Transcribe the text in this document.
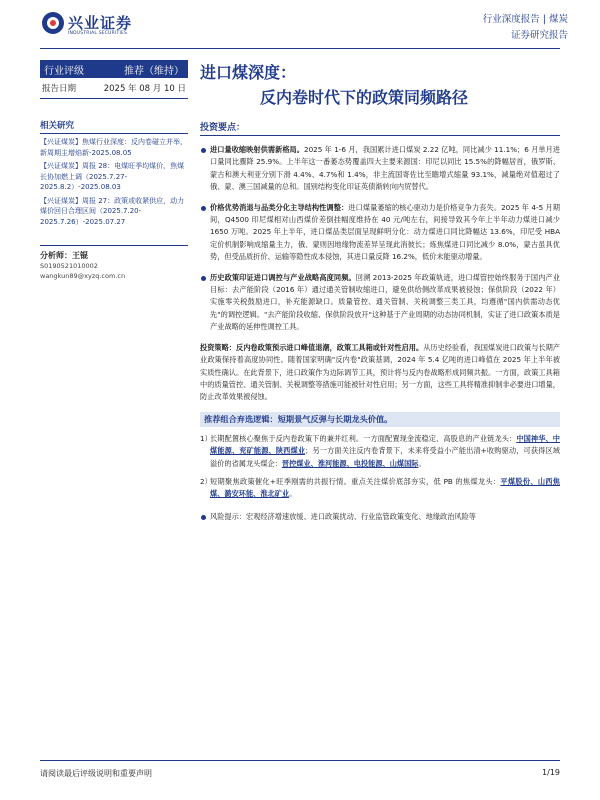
兴业证券
INDUSTRIAL SECURITIES
行业深度报告 | 煤炭
证券研究报告
行业评级	推荐（维持）
报告日期	2025 年 08 月 10 日
相关研究
【兴证煤炭】焦煤行业深度：反内卷碰立并举，新周期主增焰新-2025.08.05
【兴证煤炭】周报 28：电煤旺季均煤价，焦煤长协加燃上调（2025.7.27-2025.8.2）-2025.08.03
【兴证煤炭】周报 27：政策或收紧供应，动力煤价回日合理区间（2025.7.20-2025.7.26）-2025.07.27
分析师：王锟
S0190521010002
wangkun89@xyzq.com.cn
进口煤深度：
反内卷时代下的政策同频路径
投资要点：
进口量收缩映射供需新格局。2025 年 1-6 月，我国累计进口煤炭 2.22 亿吨，同比减少 11.1%；6 月单月进口量同比骤降 25.9%。上半年这一番萎态势覆盖四大主要来源国：印尼以同比 15.5%的降幅居首，俄罗斯、蒙古和澳大利亚分别下滑 4.4%、4.7%和 1.4%，非主流国寄佐比至瞻增式缩量 93.1%，减量绝对值超过了俄、蒙、澳三国减量的总和。国别结构变化印证英债渐转向内贸替代。
价格优势消退与品类分化主导结构性调整：进口煤量萎缩的核心驱动力是价格竞争力丧失。2025 年 4-5 月期间，Q4500 印尼煤相对山西煤价差倒挂幅度维持在 40 元/吨左右，间接导致其今年上半年动力煤进口减少 1650 万吨。2025 年上半年，进口煤品类层面呈现鲜明分化：动力煤进口同比降幅达 13.6%，印尼受 HBA 定价机制影响成缩量主力，俄、蒙则因地缘物流差异呈现此消彼长；炼焦煤进口同比减少 8.0%，蒙古虽具优势，但受品质折价、运输等隐性成本侵蚀，其进口量反降 16.2%，低价未能驱动增量。
历史政策印证进口调控与产业战略高度同频。回溯 2013-2025 年政策轨迹，进口煤管控始终服务于国内产业目标：去产能阶段（2016 年）通过通关管制收缩进口，避免供给侧改革成果被侵蚀；保供阶段（2022 年）实施零关税鼓励进口，补充能源缺口。质量管控、通关管制、关税调整三类工具，均遵循"国内供需动态优先"的调控逻辑。"去产能阶段收缩、保供阶段放开"这种基于产业周期的动态协同机制，实证了进口政策本质是产业战略的延伸性调控工具。
投资策略：反内卷政策预示进口峰值退潮，政策工具箱或针对性启用。从历史经验看，我国煤炭进口政策与长期产业政策保持着高度协同性。随着国家明确"反内卷"政策基调，2024 年 5.4 亿吨的进口峰值在 2025 年上半年被实质性确认。在此背景下，进口政策作为边际调节工具，预计将与反内卷战略形成同频共振。一方面，政策工具箱中的质量管控、通关管制、关税调整等措施可能被针对性启用；另一方面，这些工具将精准抑制非必要进口增量，防止改革效果被侵蚀。
推荐组合弃选逻辑：短期景气反弹与长期龙头价值。
1）
长期配置核心聚焦于反内卷政策下的兼并红利。一方面配置现金流稳定、高股息的产业链龙头：中国神华、中煤能源、兖矿能源、陕西煤业；另一方面关注反内卷背景下，未来将受益小产能出清+收购驱动，可获得区域溢价的省属龙头煤企：晋控煤业、淮河能源、电投能源、山煤国际。
2）
短期聚焦政策催化+旺季刚需的共振行情。重点关注煤价底部夯实，低 PB 的焦煤龙头：平煤股份、山西焦煤、潞安环能、淮北矿业。
风险提示：宏观经济增速放缓、进口政策扰动、行业监管政策变化、地缘政治风险等
请阅读最后评级说明和重要声明	1/19
